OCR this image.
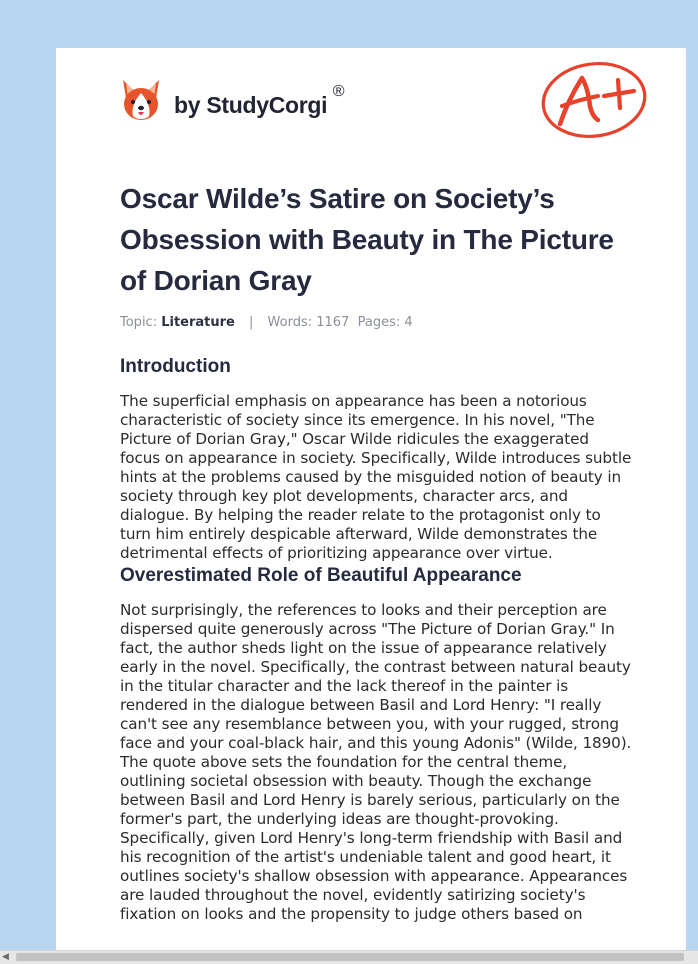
by StudyCorgi
®
Oscar Wilde’s Satire on Society’s Obsession with Beauty in The Picture of Dorian Gray
Topic: Literature | Words: 1167 Pages: 4
Introduction

The superficial emphasis on appearance has been a notorious characteristic of society since its emergence. In his novel, "The Picture of Dorian Gray," Oscar Wilde ridicules the exaggerated focus on appearance in society. Specifically, Wilde introduces subtle hints at the problems caused by the misguided notion of beauty in society through key plot developments, character arcs, and dialogue. By helping the reader relate to the protagonist only to turn him entirely despicable afterward, Wilde demonstrates the detrimental effects of prioritizing appearance over virtue.

Overestimated Role of Beautiful Appearance

Not surprisingly, the references to looks and their perception are dispersed quite generously across "The Picture of Dorian Gray." In fact, the author sheds light on the issue of appearance relatively early in the novel. Specifically, the contrast between natural beauty in the titular character and the lack thereof in the painter is rendered in the dialogue between Basil and Lord Henry: "I really can't see any resemblance between you, with your rugged, strong face and your coal-black hair, and this young Adonis" (Wilde, 1890). The quote above sets the foundation for the central theme, outlining societal obsession with beauty. Though the exchange between Basil and Lord Henry is barely serious, particularly on the former's part, the underlying ideas are thought-provoking. Specifically, given Lord Henry's long-term friendship with Basil and his recognition of the artist's undeniable talent and good heart, it outlines society's shallow obsession with appearance. Appearances are lauded throughout the novel, evidently satirizing society's fixation on looks and the propensity to judge others based on

◀
